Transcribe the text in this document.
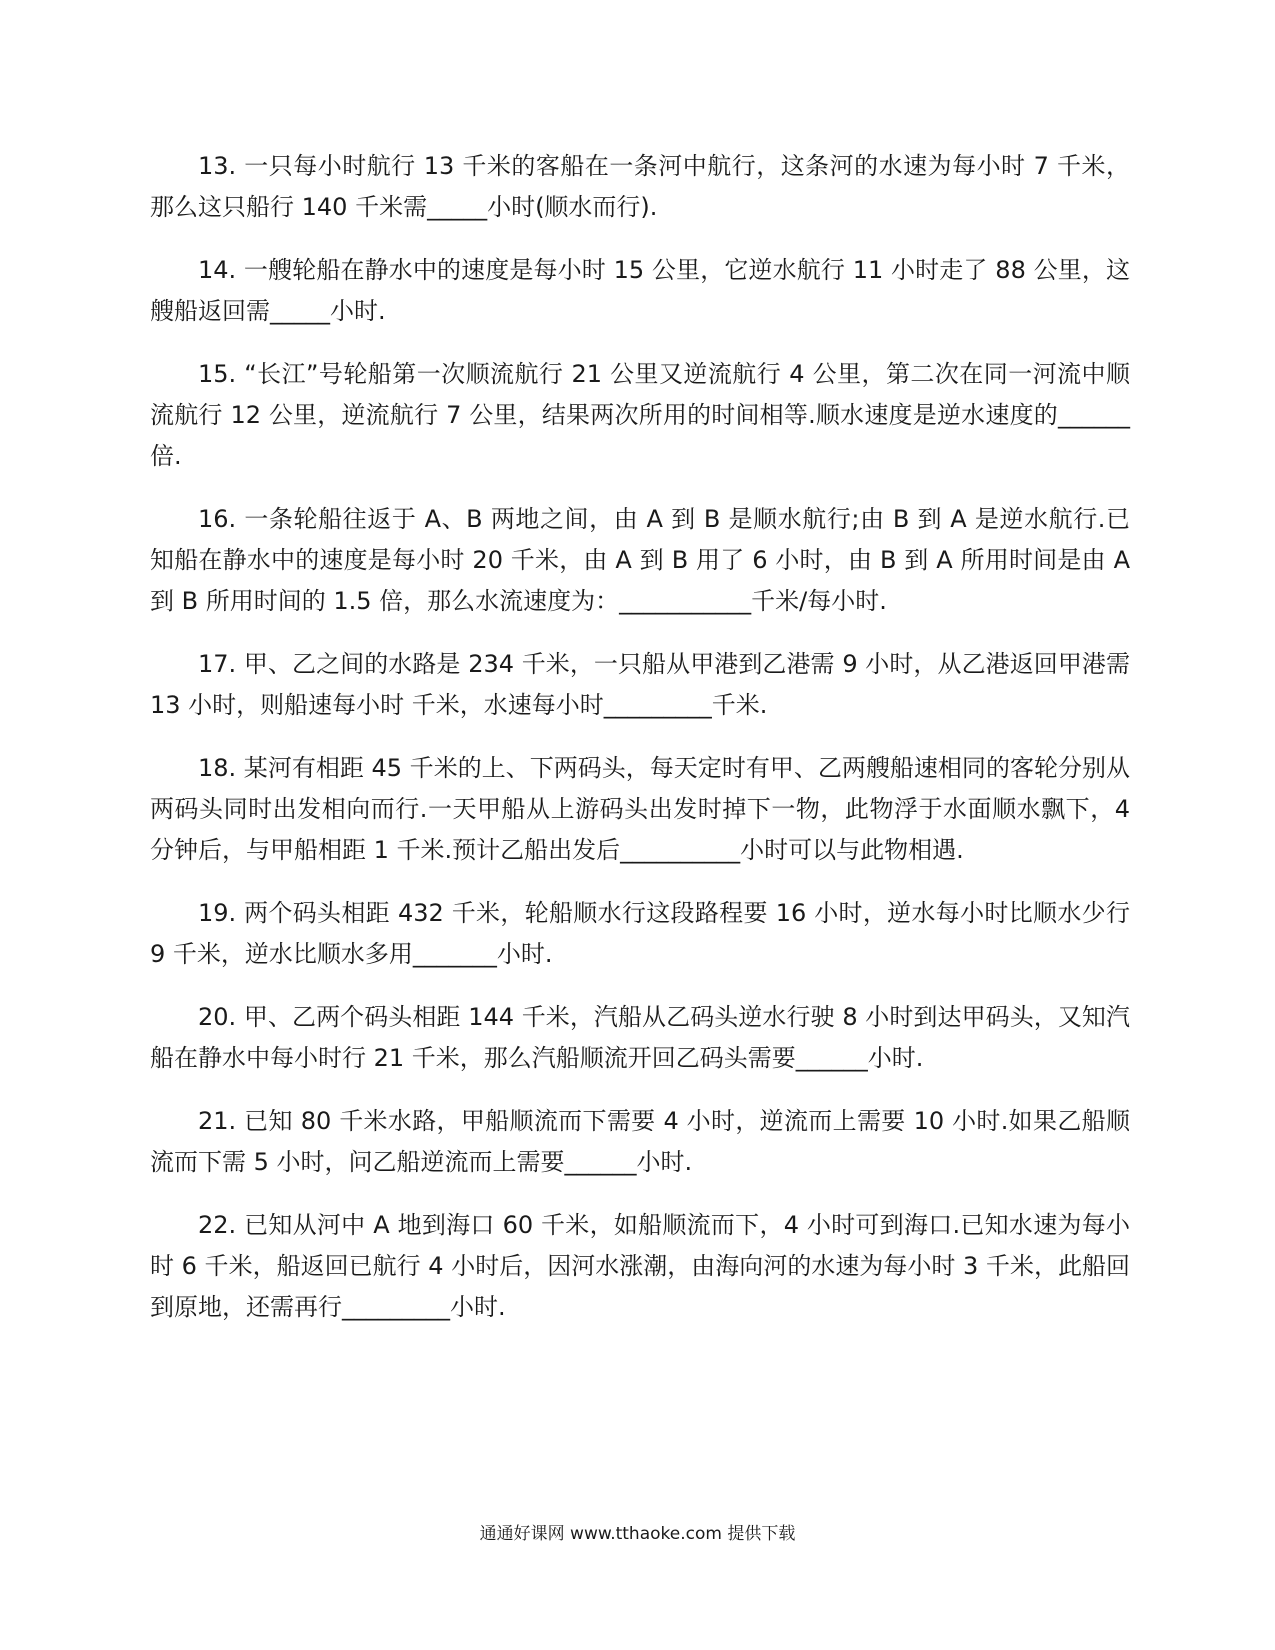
13. 一只每小时航行 13 千米的客船在一条河中航行，这条河的水速为每小时 7 千米，那么这只船行 140 千米需_____小时(顺水而行).

14. 一艘轮船在静水中的速度是每小时 15 公里，它逆水航行 11 小时走了 88 公里，这艘船返回需_____小时.

15. “长江”号轮船第一次顺流航行 21 公里又逆流航行 4 公里，第二次在同一河流中顺流航行 12 公里，逆流航行 7 公里，结果两次所用的时间相等.顺水速度是逆水速度的______倍.

16. 一条轮船往返于 A、B 两地之间，由 A 到 B 是顺水航行;由 B 到 A 是逆水航行.已知船在静水中的速度是每小时 20 千米，由 A 到 B 用了 6 小时，由 B 到 A 所用时间是由 A 到 B 所用时间的 1.5 倍，那么水流速度为：___________千米/每小时.

17. 甲、乙之间的水路是 234 千米，一只船从甲港到乙港需 9 小时，从乙港返回甲港需 13 小时，则船速每小时 千米，水速每小时_________千米.

18. 某河有相距 45 千米的上、下两码头，每天定时有甲、乙两艘船速相同的客轮分别从两码头同时出发相向而行.一天甲船从上游码头出发时掉下一物，此物浮于水面顺水飘下，4 分钟后，与甲船相距 1 千米.预计乙船出发后__________小时可以与此物相遇.

19. 两个码头相距 432 千米，轮船顺水行这段路程要 16 小时，逆水每小时比顺水少行 9 千米，逆水比顺水多用_______小时.

20. 甲、乙两个码头相距 144 千米，汽船从乙码头逆水行驶 8 小时到达甲码头，又知汽船在静水中每小时行 21 千米，那么汽船顺流开回乙码头需要______小时.

21. 已知 80 千米水路，甲船顺流而下需要 4 小时，逆流而上需要 10 小时.如果乙船顺流而下需 5 小时，问乙船逆流而上需要______小时.

22. 已知从河中 A 地到海口 60 千米，如船顺流而下，4 小时可到海口.已知水速为每小时 6 千米，船返回已航行 4 小时后，因河水涨潮，由海向河的水速为每小时 3 千米，此船回到原地，还需再行_________小时.

通通好课网 www.tthaoke.com 提供下载
